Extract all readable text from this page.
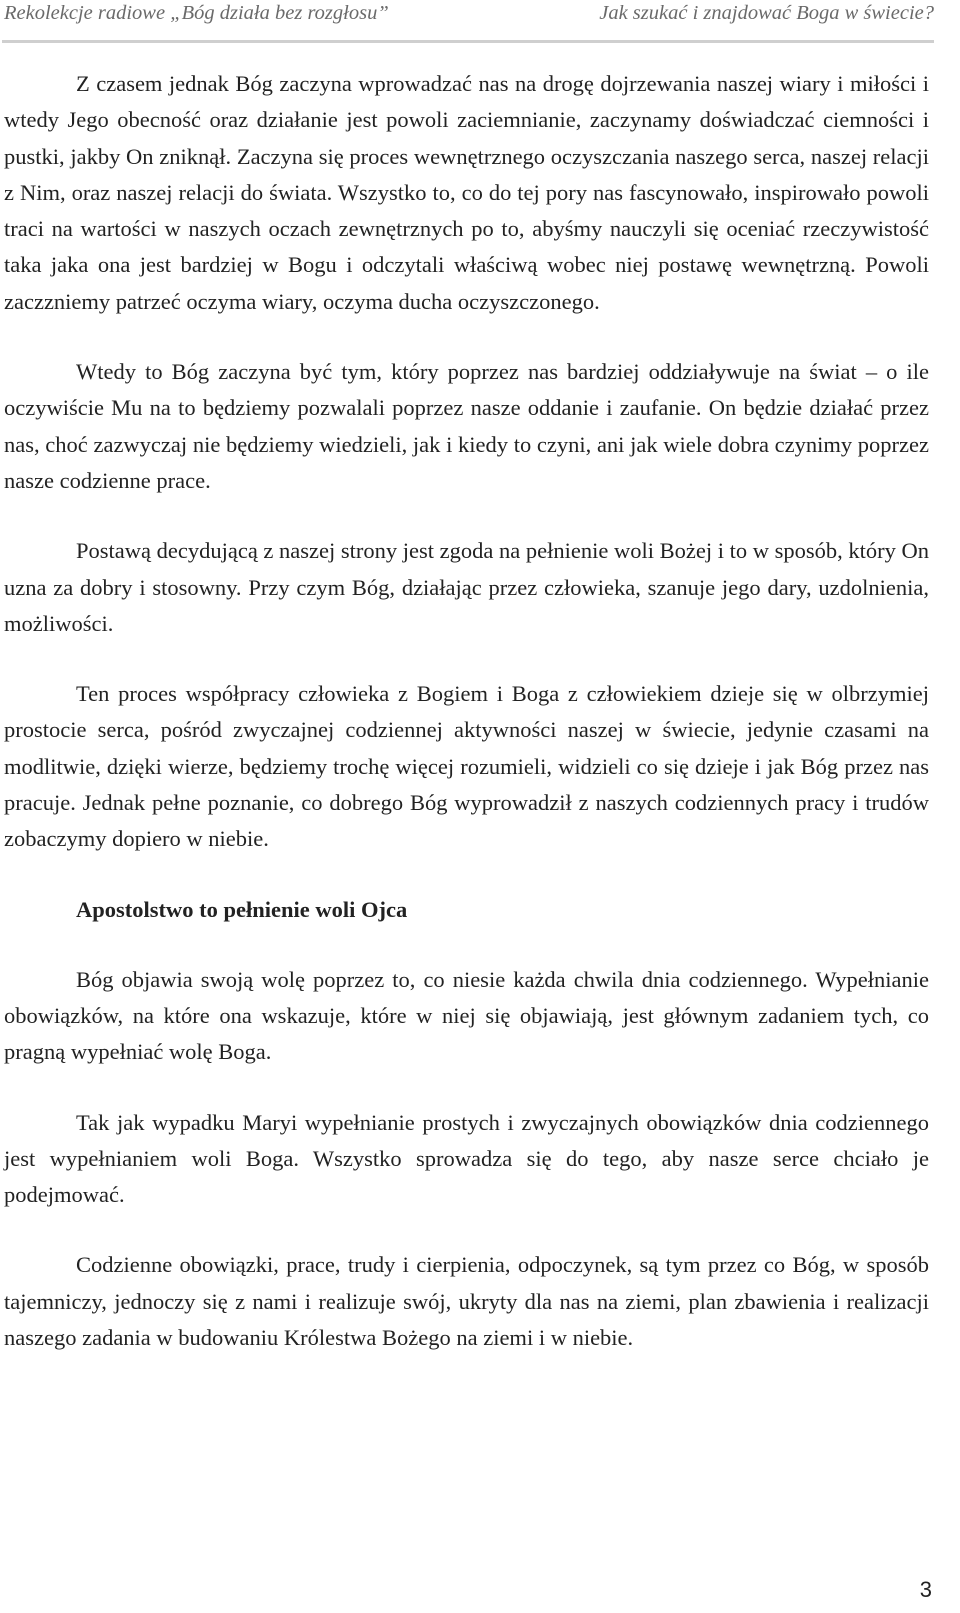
Rekolekcje radiowe „Bóg działa bez rozgłosu”	Jak szukać i znajdować Boga w świecie?

Z czasem jednak Bóg zaczyna wprowadzać nas na drogę dojrzewania naszej wiary i miłości i wtedy Jego obecność oraz działanie jest powoli zaciemnianie, zaczynamy doświadczać ciemności i pustki, jakby On zniknął. Zaczyna się proces wewnętrznego oczyszczania naszego serca, naszej relacji z Nim, oraz naszej relacji do świata. Wszystko to, co do tej pory nas fascynowało, inspirowało powoli traci na wartości w naszych oczach zewnętrznych po to, abyśmy nauczyli się oceniać rzeczywistość taka jaka ona jest bardziej w Bogu i odczytali właściwą wobec niej postawę wewnętrzną. Powoli zaczzniemy patrzeć oczyma wiary, oczyma ducha oczyszczonego.

Wtedy to Bóg zaczyna być tym, który poprzez nas bardziej oddziaływuje na świat – o ile oczywiście Mu na to będziemy pozwalali poprzez nasze oddanie i zaufanie. On będzie działać przez nas, choć zazwyczaj nie będziemy wiedzieli, jak i kiedy to czyni, ani jak wiele dobra czynimy poprzez nasze codzienne prace.

Postawą decydującą z naszej strony jest zgoda na pełnienie woli Bożej i to w sposób, który On uzna za dobry i stosowny. Przy czym Bóg, działając przez człowieka, szanuje jego dary, uzdolnienia, możliwości.

Ten proces współpracy człowieka z Bogiem i Boga z człowiekiem dzieje się w olbrzymiej prostocie serca, pośród zwyczajnej codziennej aktywności naszej w świecie, jedynie czasami na modlitwie, dzięki wierze, będziemy trochę więcej rozumieli, widzieli co się dzieje i jak Bóg przez nas pracuje. Jednak pełne poznanie, co dobrego Bóg wyprowadził z naszych codziennych pracy i trudów zobaczymy dopiero w niebie.

Apostolstwo to pełnienie woli Ojca

Bóg objawia swoją wolę poprzez to, co niesie każda chwila dnia codziennego. Wypełnianie obowiązków, na które ona wskazuje, które w niej się objawiają, jest głównym zadaniem tych, co pragną wypełniać wolę Boga.

Tak jak wypadku Maryi wypełnianie prostych i zwyczajnych obowiązków dnia codziennego jest wypełnianiem woli Boga. Wszystko sprowadza się do tego, aby nasze serce chciało je podejmować.

Codzienne obowiązki, prace, trudy i cierpienia, odpoczynek, są tym przez co Bóg, w sposób tajemniczy, jednoczy się z nami i realizuje swój, ukryty dla nas na ziemi, plan zbawienia i realizacji naszego zadania w budowaniu Królestwa Bożego na ziemi i w niebie.

3
